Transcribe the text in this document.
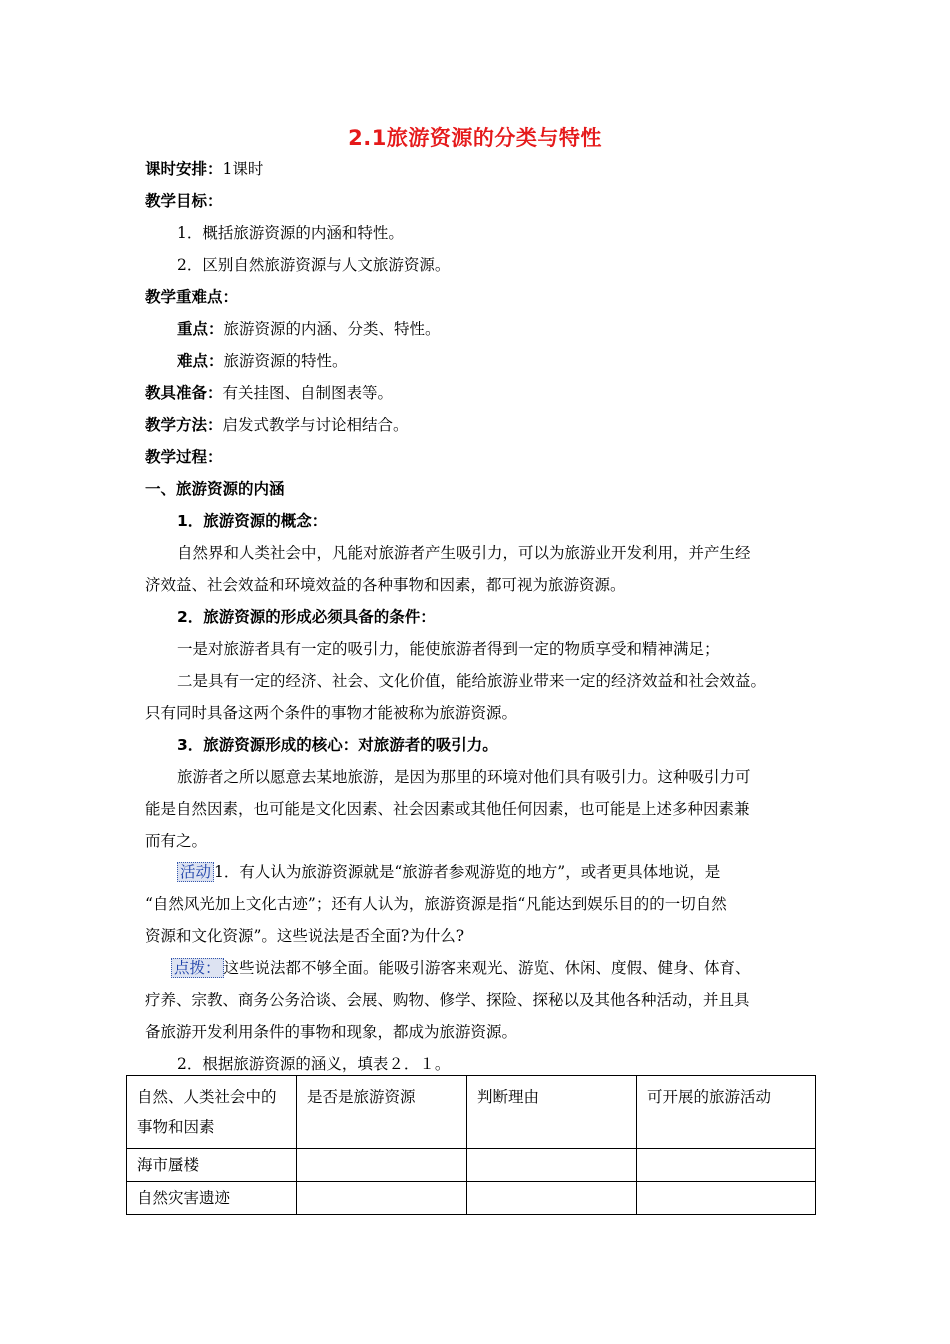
2.1旅游资源的分类与特性
课时安排：1课时
教学目标：
1．概括旅游资源的内涵和特性。
2．区别自然旅游资源与人文旅游资源。
教学重难点：
重点：旅游资源的内涵、分类、特性。
难点：旅游资源的特性。
教具准备：有关挂图、自制图表等。
教学方法：启发式教学与讨论相结合。
教学过程：
一、旅游资源的内涵
1．旅游资源的概念：
自然界和人类社会中，凡能对旅游者产生吸引力，可以为旅游业开发利用，并产生经
济效益、社会效益和环境效益的各种事物和因素，都可视为旅游资源。
2．旅游资源的形成必须具备的条件：
一是对旅游者具有一定的吸引力，能使旅游者得到一定的物质享受和精神满足；
二是具有一定的经济、社会、文化价值，能给旅游业带来一定的经济效益和社会效益。
只有同时具备这两个条件的事物才能被称为旅游资源。
3．旅游资源形成的核心：对旅游者的吸引力。
旅游者之所以愿意去某地旅游，是因为那里的环境对他们具有吸引力。这种吸引力可
能是自然因素，也可能是文化因素、社会因素或其他任何因素，也可能是上述多种因素兼
而有之。
活动 1．有人认为旅游资源就是“旅游者参观游览的地方”，或者更具体地说，是
“自然风光加上文化古迹”；还有人认为，旅游资源是指“凡能达到娱乐目的的一切自然
资源和文化资源”。这些说法是否全面?为什么?
点拨： 这些说法都不够全面。能吸引游客来观光、游览、休闲、度假、健身、体育、
疗养、宗教、商务公务洽谈、会展、购物、修学、探险、探秘以及其他各种活动，并且具
备旅游开发利用条件的事物和现象，都成为旅游资源。
2．根据旅游资源的涵义，填表２．１。
自然、人类社会中的事物和因素	是否是旅游资源	判断理由	可开展的旅游活动
海市蜃楼			
自然灾害遗迹			
